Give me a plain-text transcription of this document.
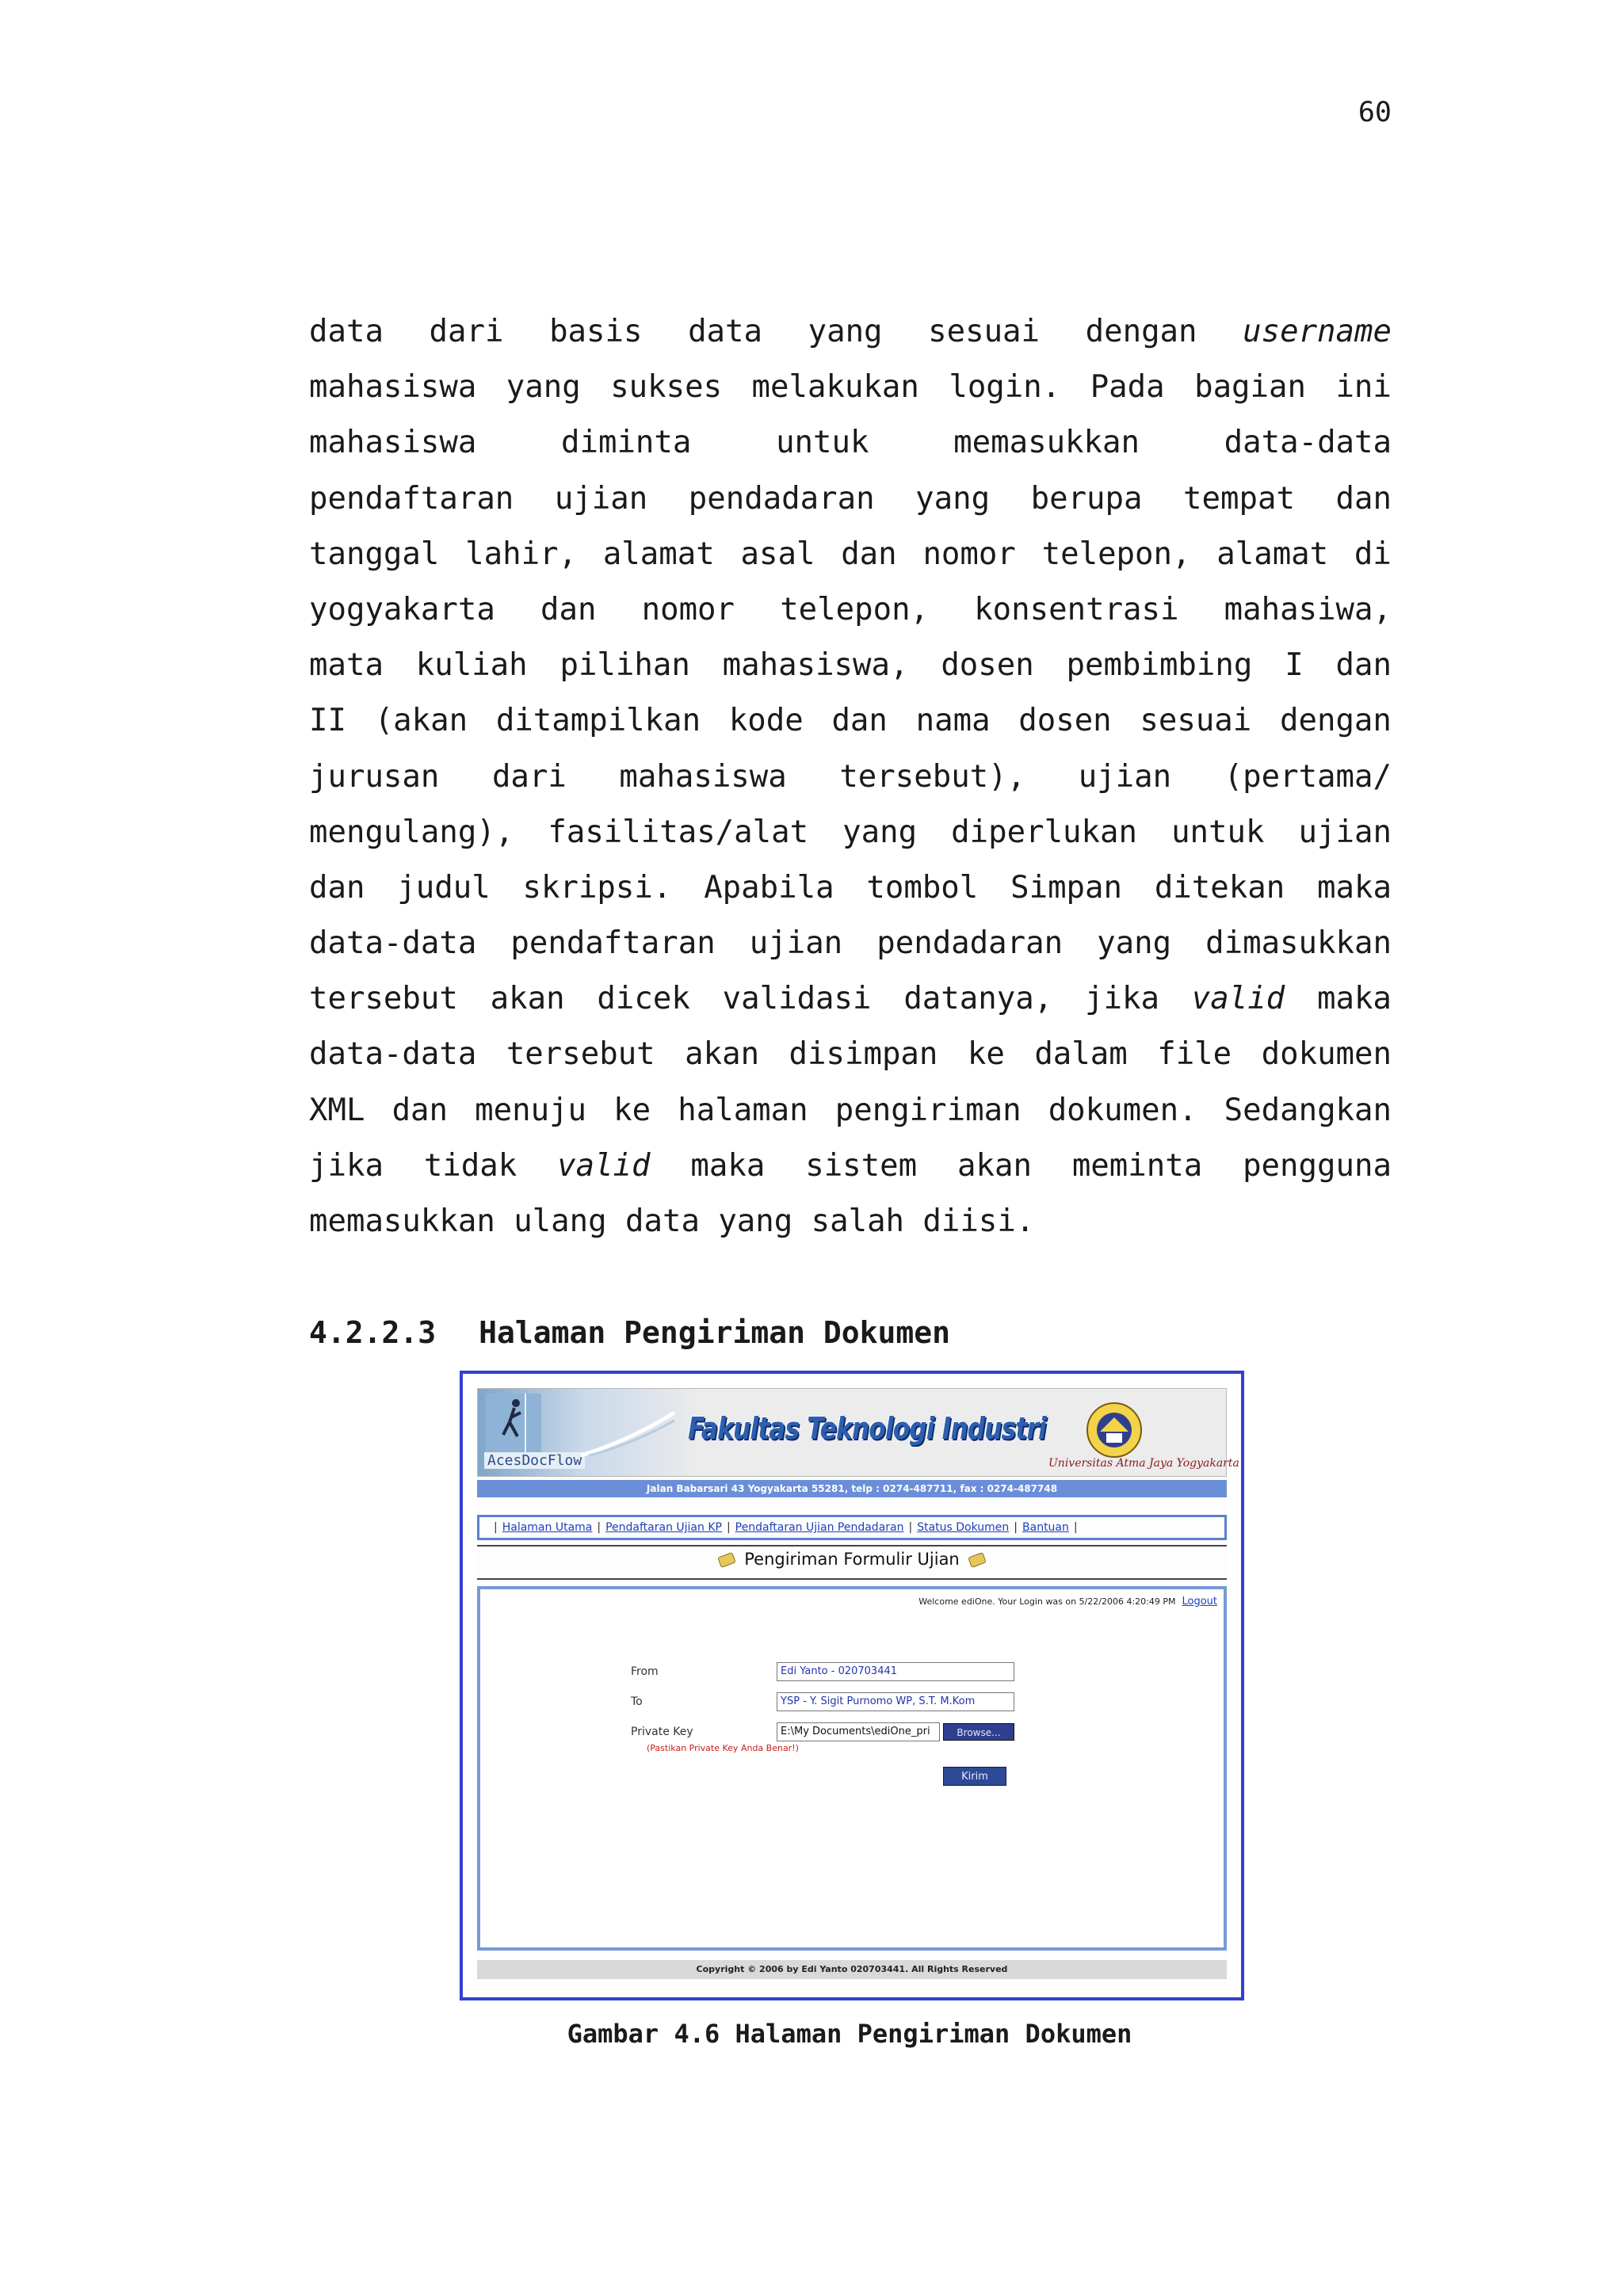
60
data dari basis data yang sesuai dengan username
mahasiswa yang sukses melakukan login. Pada bagian ini
mahasiswa	diminta	untuk	memasukkan	data-data
pendaftaran ujian pendadaran yang berupa tempat dan
tanggal lahir, alamat asal dan nomor telepon, alamat di
yogyakarta dan nomor telepon, konsentrasi mahasiwa,
mata kuliah pilihan mahasiswa, dosen pembimbing I dan
II (akan ditampilkan kode dan nama dosen sesuai dengan
jurusan dari mahasiswa tersebut), ujian (pertama/
mengulang), fasilitas/alat yang diperlukan untuk ujian
dan judul skripsi. Apabila tombol Simpan ditekan maka
data-data pendaftaran ujian pendadaran yang dimasukkan
tersebut akan dicek validasi datanya, jika valid maka
data-data tersebut akan disimpan ke dalam file dokumen
XML dan menuju ke halaman pengiriman dokumen. Sedangkan
jika tidak valid maka sistem akan meminta pengguna
memasukkan ulang data yang salah diisi.
4.2.2.3 Halaman Pengiriman Dokumen
AcesDocFlow
Fakultas Teknologi Industri
Universitas Atma Jaya Yogyakarta
Jalan Babarsari 43 Yogyakarta 55281, telp : 0274-487711, fax : 0274-487748
| Halaman Utama | Pendaftaran Ujian KP | Pendaftaran Ujian Pendadaran | Status Dokumen | Bantuan |
Pengiriman Formulir Ujian
Welcome ediOne. Your Login was on 5/22/2006 4:20:49 PM Logout
From	Edi Yanto - 020703441
To	YSP - Y. Sigit Purnomo WP, S.T. M.Kom
Private Key	E:\My Documents\ediOne_pri	Browse...
(Pastikan Private Key Anda Benar!)
Kirim
Copyright © 2006 by Edi Yanto 020703441. All Rights Reserved
Gambar 4.6 Halaman Pengiriman Dokumen
